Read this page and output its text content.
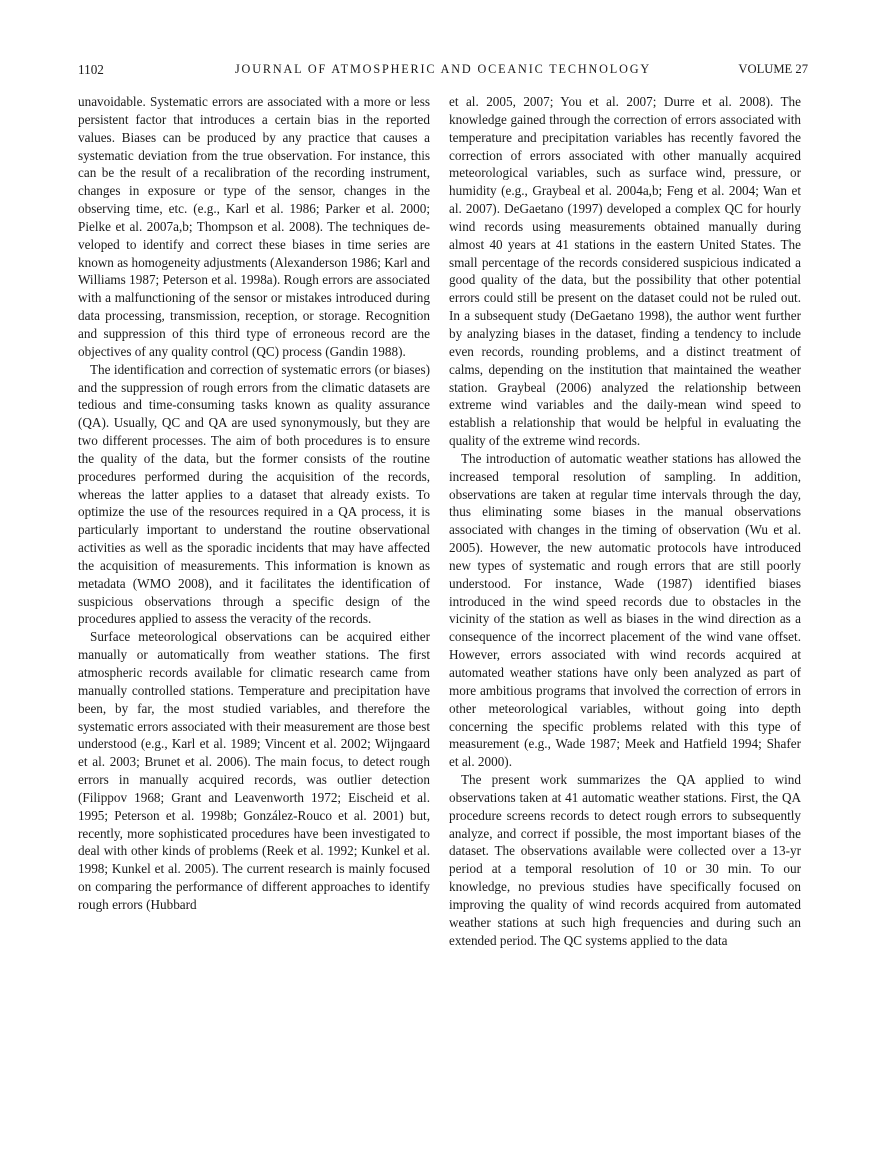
1102	JOURNAL OF ATMOSPHERIC AND OCEANIC TECHNOLOGY	VOLUME 27

unavoidable. Systematic errors are associated with a more or less persistent factor that introduces a certain bias in the reported values. Biases can be produced by any practice that causes a systematic deviation from the true observation. For instance, this can be the result of a recalibration of the recording instrument, changes in exposure or type of the sensor, changes in the observing time, etc. (e.g., Karl et al. 1986; Parker et al. 2000; Pielke et al. 2007a,b; Thompson et al. 2008). The techniques developed to identify and correct these biases in time series are known as homogeneity adjustments (Alexanderson 1986; Karl and Williams 1987; Peterson et al. 1998a). Rough errors are associated with a malfunctioning of the sensor or mistakes introduced during data processing, transmission, reception, or storage. Recognition and suppression of this third type of erroneous record are the objectives of any quality control (QC) process (Gandin 1988).

The identification and correction of systematic errors (or biases) and the suppression of rough errors from the climatic datasets are tedious and time-consuming tasks known as quality assurance (QA). Usually, QC and QA are used synonymously, but they are two different processes. The aim of both procedures is to ensure the quality of the data, but the former consists of the routine procedures performed during the acquisition of the records, whereas the latter applies to a dataset that already exists. To optimize the use of the resources required in a QA process, it is particularly important to understand the routine observational activities as well as the sporadic incidents that may have affected the acquisition of measurements. This information is known as metadata (WMO 2008), and it facilitates the identification of suspicious observations through a specific design of the procedures applied to assess the veracity of the records.

Surface meteorological observations can be acquired either manually or automatically from weather stations. The first atmospheric records available for climatic research came from manually controlled stations. Temperature and precipitation have been, by far, the most studied variables, and therefore the systematic errors associated with their measurement are those best understood (e.g., Karl et al. 1989; Vincent et al. 2002; Wijngaard et al. 2003; Brunet et al. 2006). The main focus, to detect rough errors in manually acquired records, was outlier detection (Filippov 1968; Grant and Leavenworth 1972; Eischeid et al. 1995; Peterson et al. 1998b; González-Rouco et al. 2001) but, recently, more sophisticated procedures have been investigated to deal with other kinds of problems (Reek et al. 1992; Kunkel et al. 1998; Kunkel et al. 2005). The current research is mainly focused on comparing the performance of different approaches to identify rough errors (Hubbard

et al. 2005, 2007; You et al. 2007; Durre et al. 2008). The knowledge gained through the correction of errors associated with temperature and precipitation variables has recently favored the correction of errors associated with other manually acquired meteorological variables, such as surface wind, pressure, or humidity (e.g., Graybeal et al. 2004a,b; Feng et al. 2004; Wan et al. 2007). DeGaetano (1997) developed a complex QC for hourly wind records using measurements obtained manually during almost 40 years at 41 stations in the eastern United States. The small percentage of the records considered suspicious indicated a good quality of the data, but the possibility that other potential errors could still be present on the dataset could not be ruled out. In a subsequent study (DeGaetano 1998), the author went further by analyzing biases in the dataset, finding a tendency to include even records, rounding problems, and a distinct treatment of calms, depending on the institution that maintained the weather station. Graybeal (2006) analyzed the relationship between extreme wind variables and the daily-mean wind speed to establish a relationship that would be helpful in evaluating the quality of the extreme wind records.

The introduction of automatic weather stations has allowed the increased temporal resolution of sampling. In addition, observations are taken at regular time intervals through the day, thus eliminating some biases in the manual observations associated with changes in the timing of observation (Wu et al. 2005). However, the new automatic protocols have introduced new types of systematic and rough errors that are still poorly understood. For instance, Wade (1987) identified biases introduced in the wind speed records due to obstacles in the vicinity of the station as well as biases in the wind direction as a consequence of the incorrect placement of the wind vane offset. However, errors associated with wind records acquired at automated weather stations have only been analyzed as part of more ambitious programs that involved the correction of errors in other meteorological variables, without going into depth concerning the specific problems related with this type of measurement (e.g., Wade 1987; Meek and Hatfield 1994; Shafer et al. 2000).

The present work summarizes the QA applied to wind observations taken at 41 automatic weather stations. First, the QA procedure screens records to detect rough errors to subsequently analyze, and correct if possible, the most important biases of the dataset. The observations available were collected over a 13-yr period at a temporal resolution of 10 or 30 min. To our knowledge, no previous studies have specifically focused on improving the quality of wind records acquired from automated weather stations at such high frequencies and during such an extended period. The QC systems applied to the data
